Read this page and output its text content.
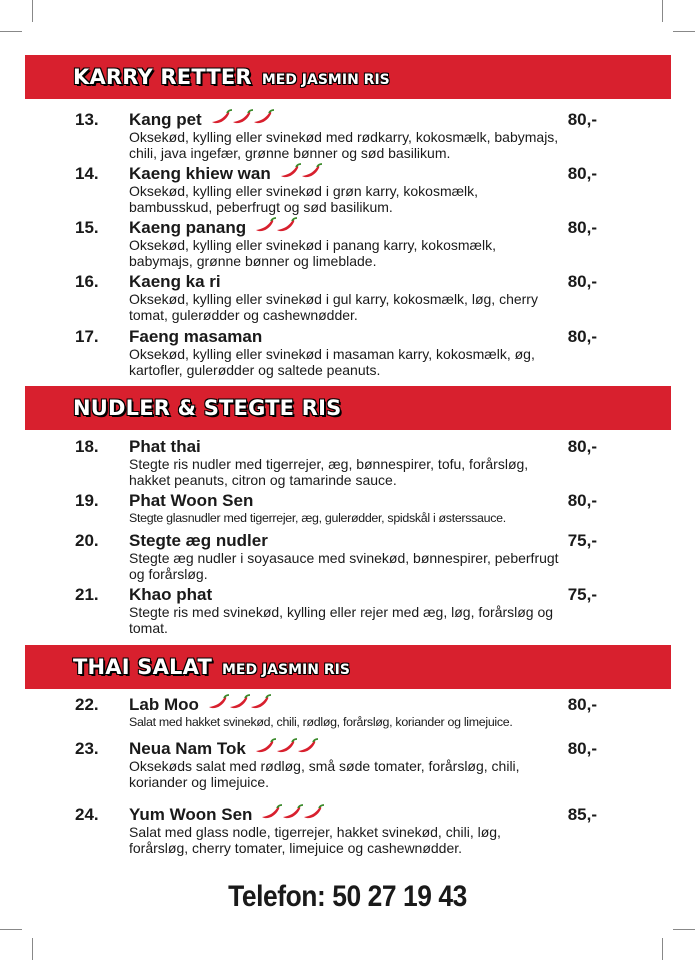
KARRY RETTER MED JASMIN RIS
13.	Kang pet	80,-
Oksekød, kylling eller svinekød med rødkarry, kokosmælk, babymajs, chili, java ingefær, grønne bønner og sød basilikum.
14.	Kaeng khiew wan	80,-
Oksekød, kylling eller svinekød i grøn karry, kokosmælk, bambusskud, peberfrugt og sød basilikum.
15.	Kaeng panang	80,-
Oksekød, kylling eller svinekød i panang karry, kokosmælk, babymajs, grønne bønner og limeblade.
16.	Kaeng ka ri	80,-
Oksekød, kylling eller svinekød i gul karry, kokosmælk, løg, cherry tomat, gulerødder og cashewnødder.
17.	Faeng masaman	80,-
Oksekød, kylling eller svinekød i masaman karry, kokosmælk, øg, kartofler, gulerødder og saltede peanuts.
NUDLER & STEGTE RIS
18.	Phat thai	80,-
Stegte ris nudler med tigerrejer, æg, bønnespirer, tofu, forårsløg, hakket peanuts, citron og tamarinde sauce.
19.	Phat Woon Sen	80,-
Stegte glasnudler med tigerrejer, æg, gulerødder, spidskål i østerssauce.
20.	Stegte æg nudler	75,-
Stegte æg nudler i soyasauce med svinekød, bønnespirer, peberfrugt og forårsløg.
21.	Khao phat	75,-
Stegte ris med svinekød, kylling eller rejer med æg, løg, forårsløg og tomat.
THAI SALAT MED JASMIN RIS
22.	Lab Moo	80,-
Salat med hakket svinekød, chili, rødløg, forårsløg, koriander og limejuice.
23.	Neua Nam Tok	80,-
Oksekøds salat med rødløg, små søde tomater, forårsløg, chili, koriander og limejuice.
24.	Yum Woon Sen	85,-
Salat med glass nodle, tigerrejer, hakket svinekød, chili, løg, forårsløg, cherry tomater, limejuice og cashewnødder.
Telefon: 50 27 19 43
